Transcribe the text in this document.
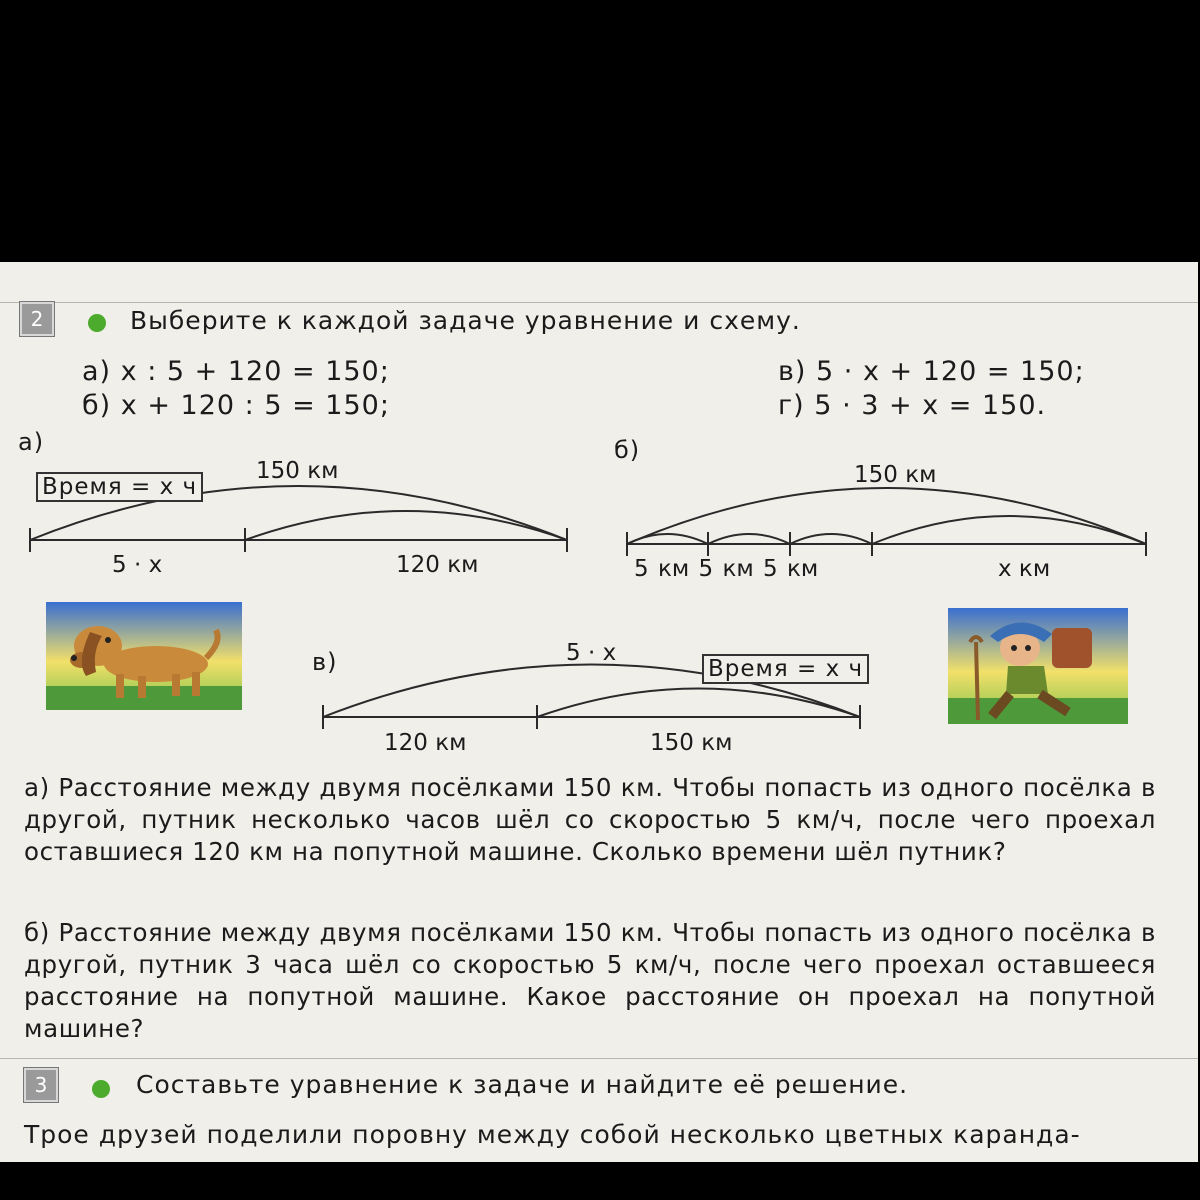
2	Выберите к каждой задаче уравнение и схему.
а) x : 5 + 120 = 150;
б) x + 120 : 5 = 150;
в) 5 · x + 120 = 150;
г) 5 · 3 + x = 150.
а)	б)
в)
Время = x ч
150 км
5 · x	120 км
150 км
5 км 5 км 5 км	x км
5 · x
Время = x ч
120 км	150 км
а) Расстояние между двумя посёлками 150 км. Чтобы попасть из одного посёлка в другой, путник несколько часов шёл со скоростью 5 км/ч, после чего проехал оставшиеся 120 км на попутной машине. Сколько времени шёл путник?
б) Расстояние между двумя посёлками 150 км. Чтобы попасть из одного посёлка в другой, путник 3 часа шёл со скоростью 5 км/ч, после чего проехал оставшееся расстояние на попутной машине. Какое расстояние он проехал на попутной машине?
3	Составьте уравнение к задаче и найдите её решение.
Трое друзей поделили поровну между собой несколько цветных каранда-
